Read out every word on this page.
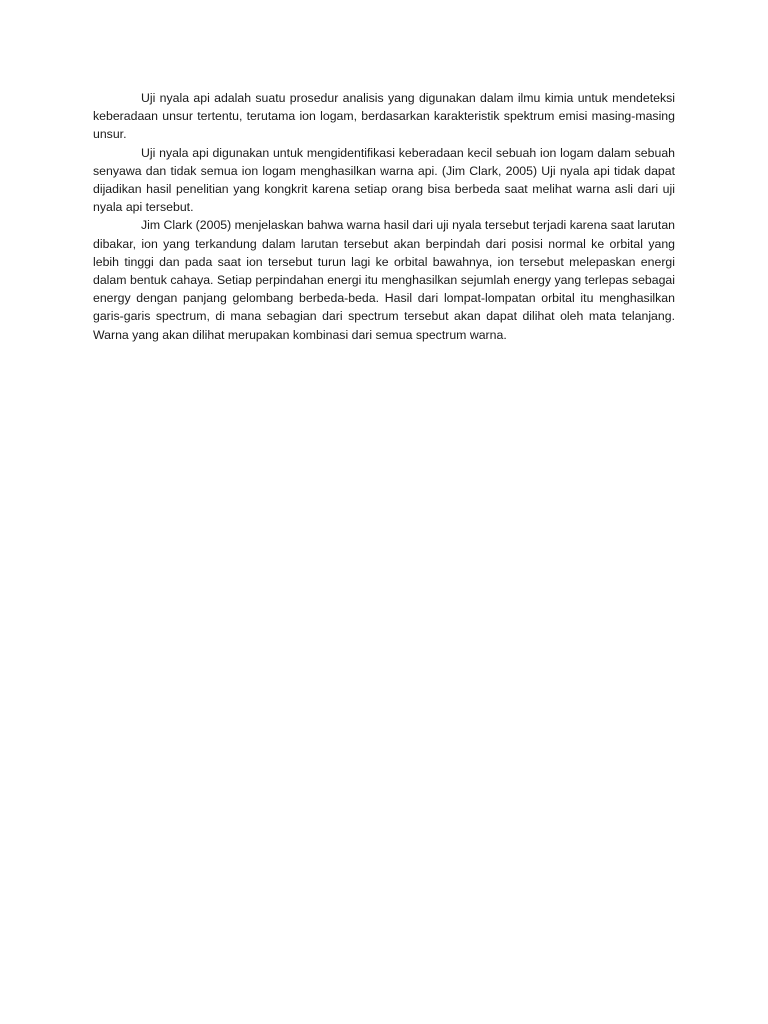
Uji nyala api adalah suatu prosedur analisis yang digunakan dalam ilmu kimia untuk mendeteksi keberadaan unsur tertentu, terutama ion logam, berdasarkan karakteristik spektrum emisi masing-masing unsur.

Uji nyala api digunakan untuk mengidentifikasi keberadaan kecil sebuah ion logam dalam sebuah senyawa dan tidak semua ion logam menghasilkan warna api. (Jim Clark, 2005) Uji nyala api tidak dapat dijadikan hasil penelitian yang kongkrit karena setiap orang bisa berbeda saat melihat warna asli dari uji nyala api tersebut.

Jim Clark (2005) menjelaskan bahwa warna hasil dari uji nyala tersebut terjadi karena saat larutan dibakar, ion yang terkandung dalam larutan tersebut akan berpindah dari posisi normal ke orbital yang lebih tinggi dan pada saat ion tersebut turun lagi ke orbital bawahnya, ion tersebut melepaskan energi dalam bentuk cahaya. Setiap perpindahan energi itu menghasilkan sejumlah energy yang terlepas sebagai energy dengan panjang gelombang berbeda-beda. Hasil dari lompat-lompatan orbital itu menghasilkan garis-garis spectrum, di mana sebagian dari spectrum tersebut akan dapat dilihat oleh mata telanjang. Warna yang akan dilihat merupakan kombinasi dari semua spectrum warna.
